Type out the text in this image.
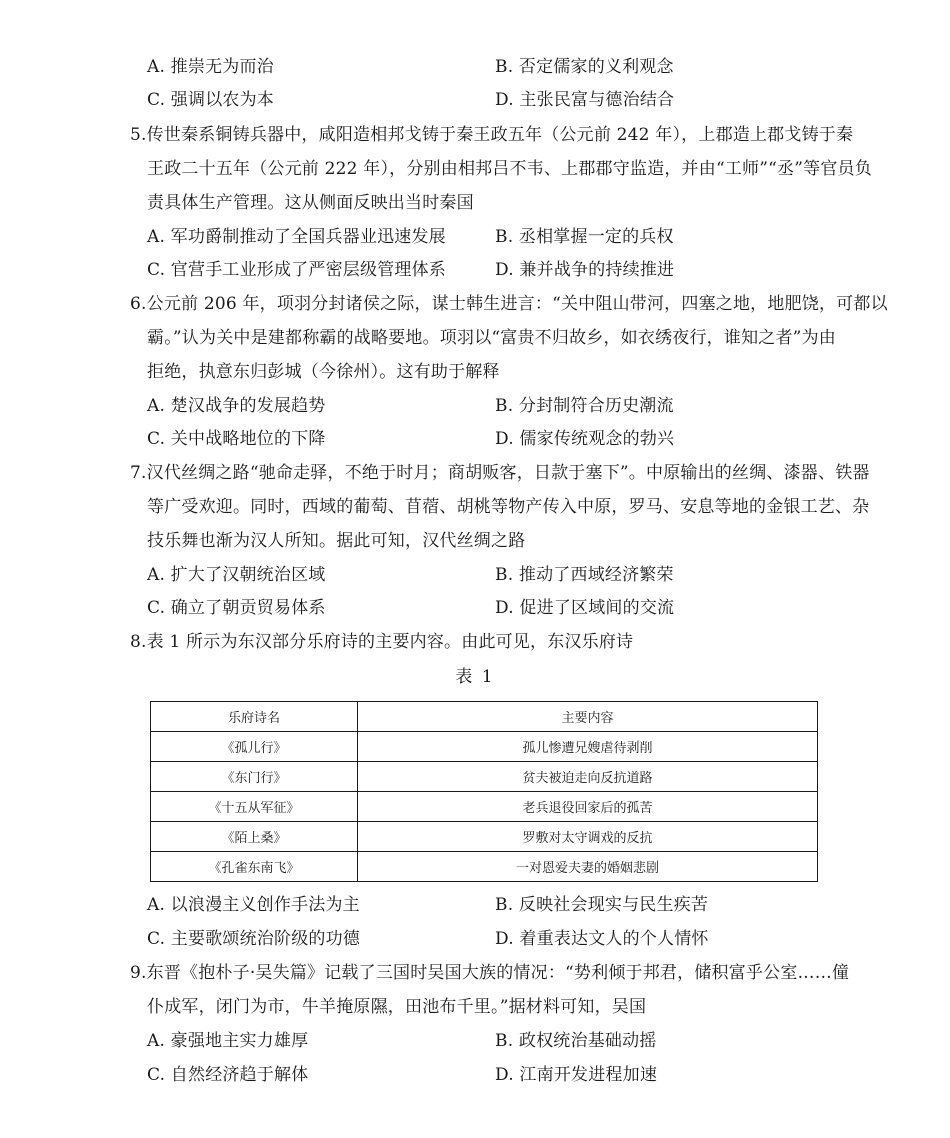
A. 推崇无为而治	B. 否定儒家的义利观念
C. 强调以农为本	D. 主张民富与德治结合
5.传世秦系铜铸兵器中，咸阳造相邦戈铸于秦王政五年（公元前 242 年），上郡造上郡戈铸于秦
王政二十五年（公元前 222 年），分别由相邦吕不韦、上郡郡守监造，并由“工师”“丞”等官员负
责具体生产管理。这从侧面反映出当时秦国
A. 军功爵制推动了全国兵器业迅速发展	B. 丞相掌握一定的兵权
C. 官营手工业形成了严密层级管理体系	D. 兼并战争的持续推进
6.公元前 206 年，项羽分封诸侯之际，谋士韩生进言：“关中阻山带河，四塞之地，地肥饶，可都以
霸。”认为关中是建都称霸的战略要地。项羽以“富贵不归故乡，如衣绣夜行，谁知之者”为由
拒绝，执意东归彭城（今徐州）。这有助于解释
A. 楚汉战争的发展趋势	B. 分封制符合历史潮流
C. 关中战略地位的下降	D. 儒家传统观念的勃兴
7.汉代丝绸之路“驰命走驿，不绝于时月；商胡贩客，日款于塞下”。中原输出的丝绸、漆器、铁器
等广受欢迎。同时，西域的葡萄、苜蓿、胡桃等物产传入中原，罗马、安息等地的金银工艺、杂
技乐舞也渐为汉人所知。据此可知，汉代丝绸之路
A. 扩大了汉朝统治区域	B. 推动了西域经济繁荣
C. 确立了朝贡贸易体系	D. 促进了区域间的交流
8.表 1 所示为东汉部分乐府诗的主要内容。由此可见，东汉乐府诗
表 1
乐府诗名	主要内容
《孤儿行》	孤儿惨遭兄嫂虐待剥削
《东门行》	贫夫被迫走向反抗道路
《十五从军征》	老兵退役回家后的孤苦
《陌上桑》	罗敷对太守调戏的反抗
《孔雀东南飞》	一对恩爱夫妻的婚姻悲剧
A. 以浪漫主义创作手法为主	B. 反映社会现实与民生疾苦
C. 主要歌颂统治阶级的功德	D. 着重表达文人的个人情怀
9.东晋《抱朴子·吴失篇》记载了三国时吴国大族的情况：“势利倾于邦君，储积富乎公室……僮
仆成军，闭门为市，牛羊掩原隰，田池布千里。”据材料可知，吴国
A. 豪强地主实力雄厚	B. 政权统治基础动摇
C. 自然经济趋于解体	D. 江南开发进程加速
